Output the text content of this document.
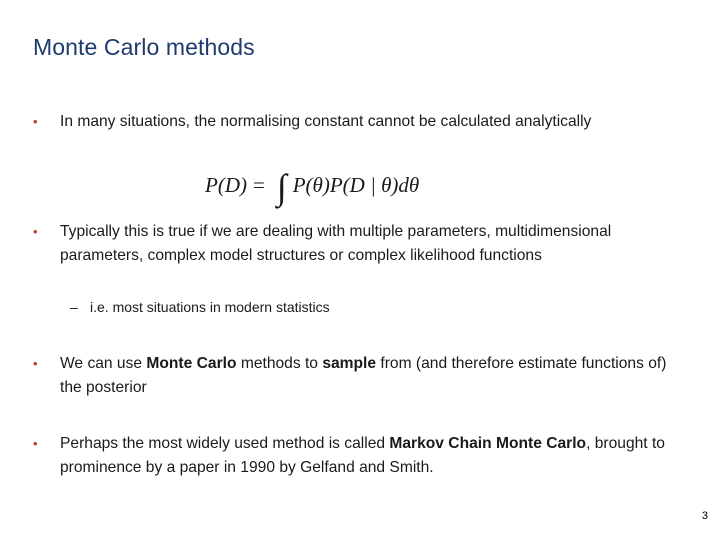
Monte Carlo methods
• In many situations, the normalising constant cannot be calculated analytically
P(D) = ∫ P(θ)P(D | θ)dθ
• Typically this is true if we are dealing with multiple parameters, multidimensional parameters, complex model structures or complex likelihood functions
– i.e. most situations in modern statistics
• We can use Monte Carlo methods to sample from (and therefore estimate functions of) the posterior
• Perhaps the most widely used method is called Markov Chain Monte Carlo, brought to prominence by a paper in 1990 by Gelfand and Smith.
3
